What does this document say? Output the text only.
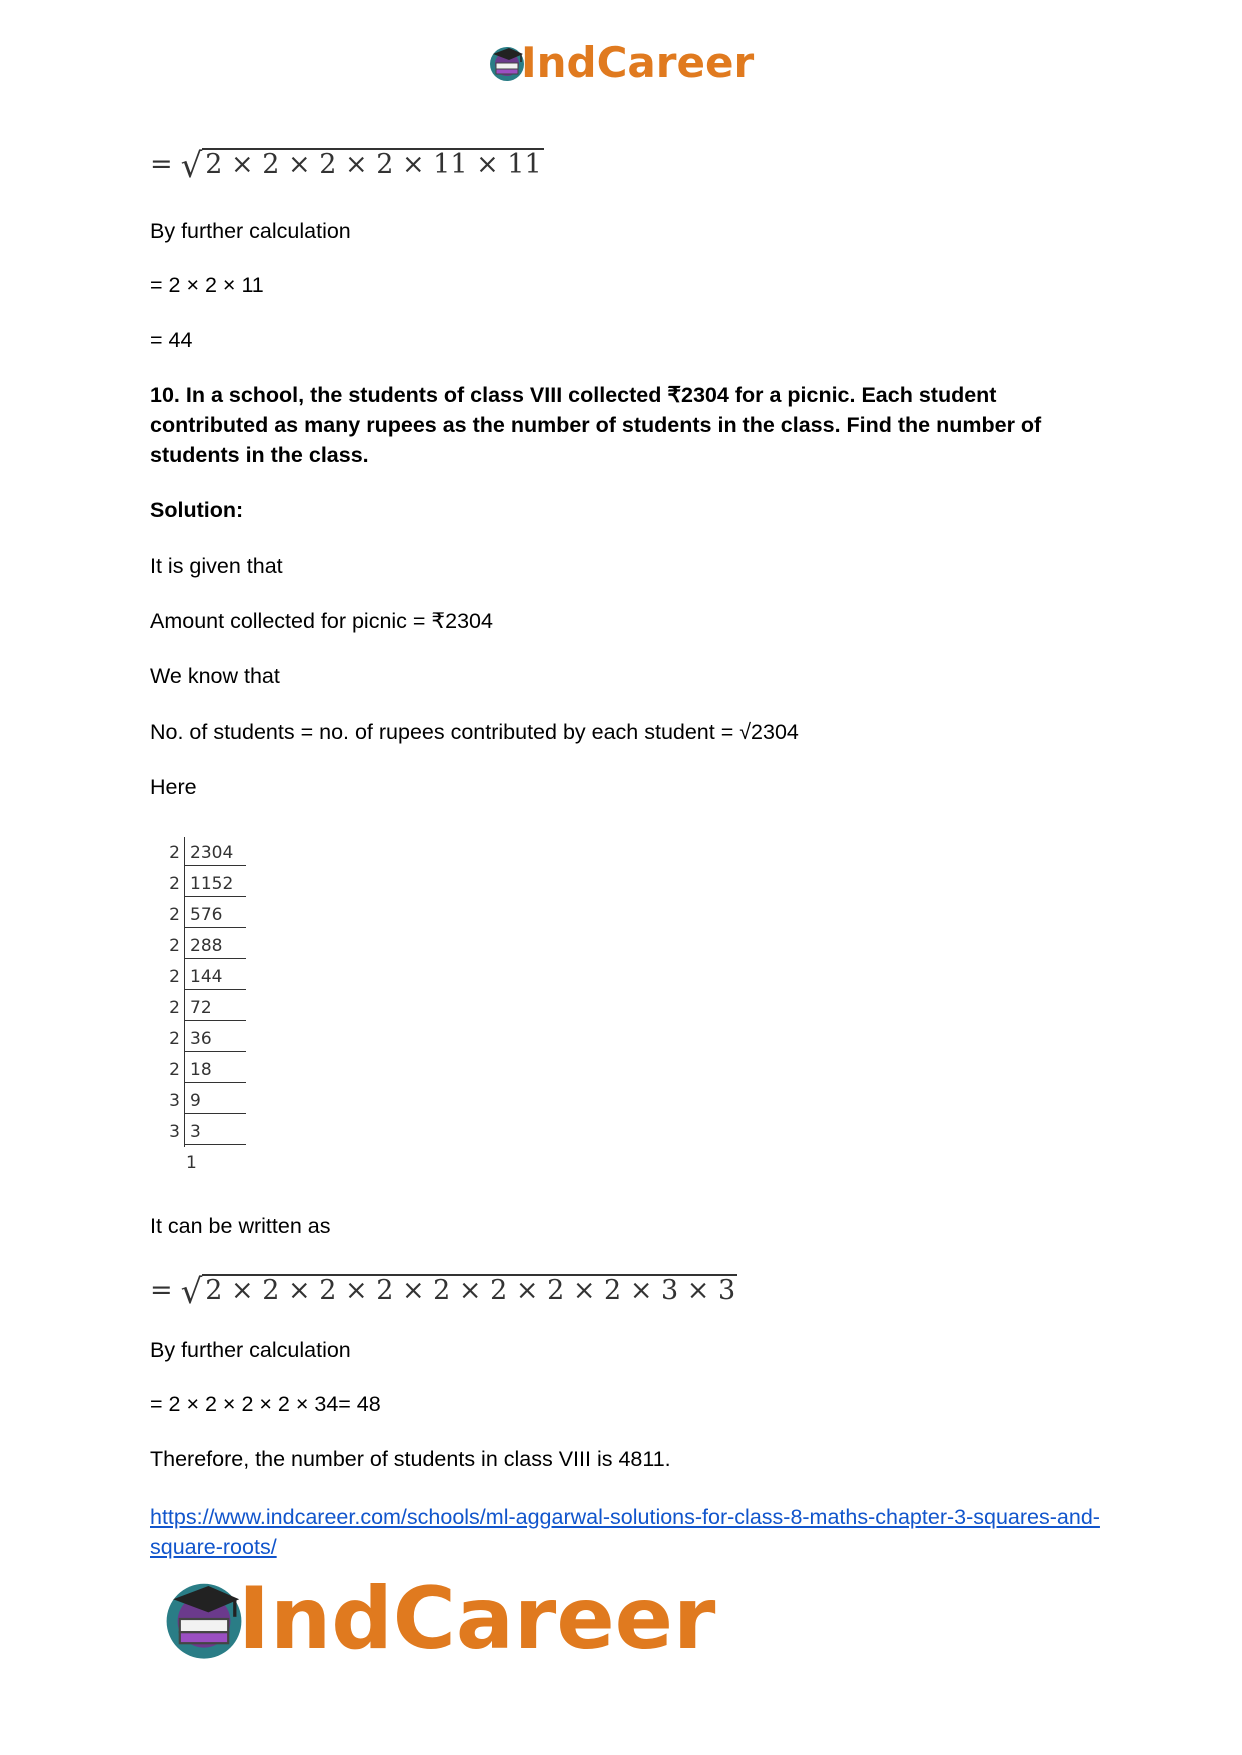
IndCareer
= √ 2 × 2 × 2 × 2 × 11 × 11
By further calculation
= 2 × 2 × 11
= 44
10. In a school, the students of class VIII collected ₹2304 for a picnic. Each student contributed as many rupees as the number of students in the class. Find the number of students in the class.
Solution:
It is given that
Amount collected for picnic = ₹2304
We know that
No. of students = no. of rupees contributed by each student = √2304
Here
2 2304
2 1152
2 576
2 288
2 144
2 72
2 36
2 18
3 9
3 3
1
It can be written as
= √ 2 × 2 × 2 × 2 × 2 × 2 × 2 × 2 × 3 × 3
By further calculation
= 2 × 2 × 2 × 2 × 34= 48
Therefore, the number of students in class VIII is 4811.
https://www.indcareer.com/schools/ml-aggarwal-solutions-for-class-8-maths-chapter-3-squares-and-square-roots/
IndCareer
